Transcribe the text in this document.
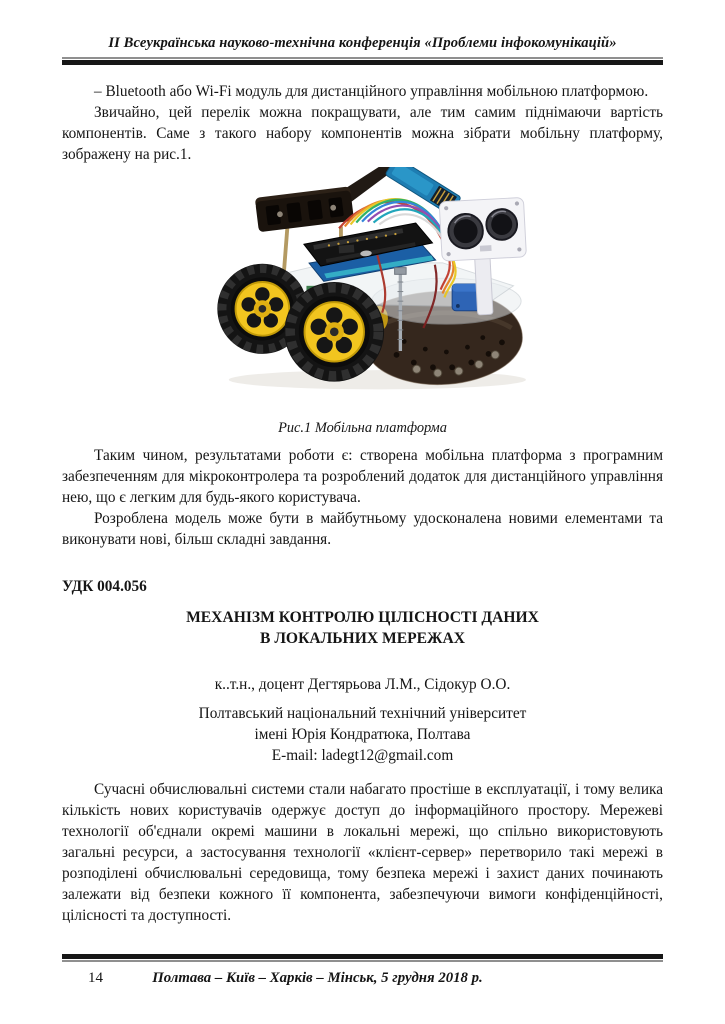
ІІ Всеукраїнська науково-технічна конференція «Проблеми інфокомунікацій»

– Bluetooth або Wi-Fi модуль для дистанційного управління мобільною платформою.

Звичайно, цей перелік можна покращувати, але тим самим піднімаючи вартість компонентів. Саме з такого набору компонентів можна зібрати мобільну платформу, зображену на рис.1.

Рис.1 Мобільна платформа

Таким чином, результатами роботи є: створена мобільна платформа з програмним забезпеченням для мікроконтролера та розроблений додаток для дистанційного управління нею, що є легким для будь-якого користувача.

Розроблена модель може бути в майбутньому удосконалена новими елементами та виконувати нові, більш складні завдання.

УДК 004.056
МЕХАНІЗМ КОНТРОЛЮ ЦІЛІСНОСТІ ДАНИХ
В ЛОКАЛЬНИХ МЕРЕЖАХ
к..т.н., доцент Дегтярьова Л.М., Сідокур О.О.
Полтавський національний технічний університет
імені Юрія Кондратюка, Полтава
E-mail: ladegt12@gmail.com

Сучасні обчислювальні системи стали набагато простіше в експлуатації, і тому велика кількість нових користувачів одержує доступ до інформаційного простору. Мережеві технології об'єднали окремі машини в локальні мережі, що спільно використовують загальні ресурси, а застосування технології «клієнт-сервер» перетворило такі мережі в розподілені обчислювальні середовища, тому безпека мережі і захист даних починають залежати від безпеки кожного її компонента, забезпечуючи вимоги конфіденційності, цілісності та доступності.

14	Полтава – Київ – Харків – Мінськ, 5 грудня 2018 р.
